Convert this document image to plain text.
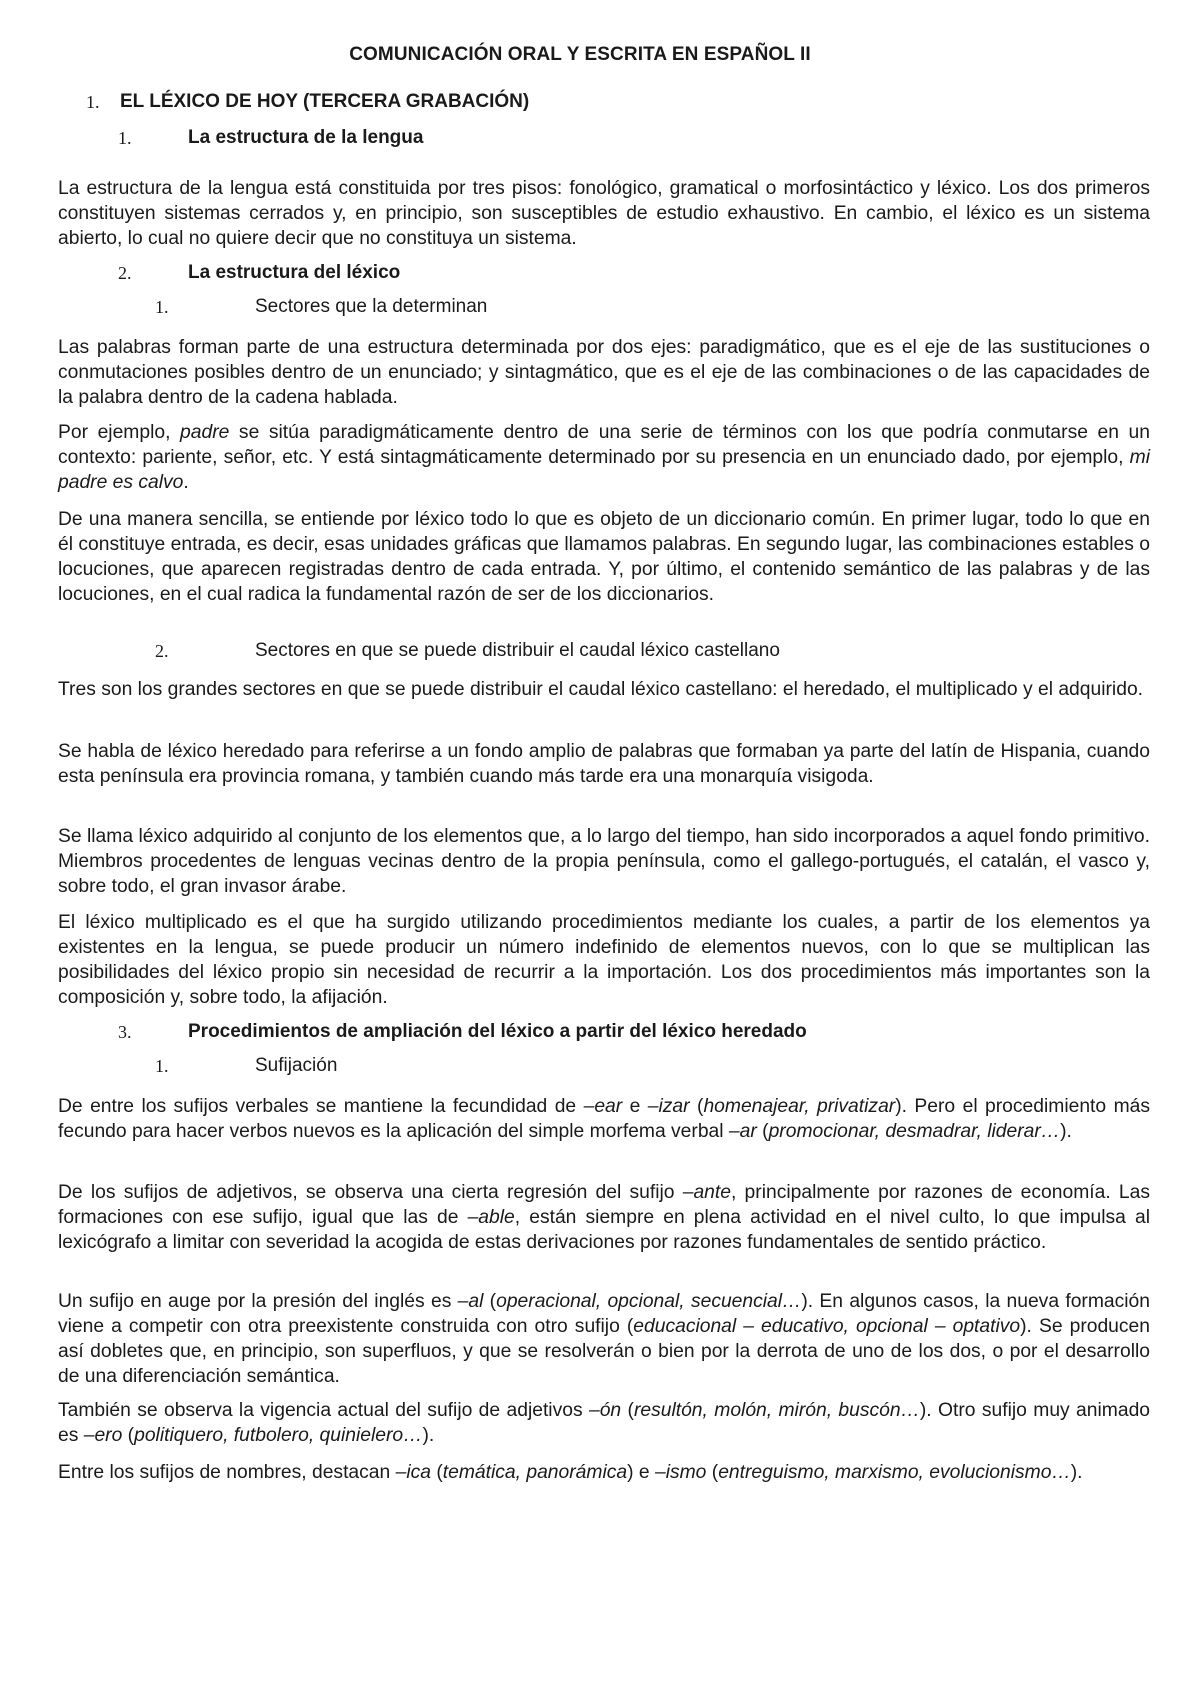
COMUNICACIÓN ORAL Y ESCRITA EN ESPAÑOL II
1. EL LÉXICO DE HOY (TERCERA GRABACIÓN)
1.	La estructura de la lengua
La estructura de la lengua está constituida por tres pisos: fonológico, gramatical o morfosintáctico y léxico. Los dos primeros constituyen sistemas cerrados y, en principio, son susceptibles de estudio exhaustivo. En cambio, el léxico es un sistema abierto, lo cual no quiere decir que no constituya un sistema.
2.	La estructura del léxico
1.	Sectores que la determinan
Las palabras forman parte de una estructura determinada por dos ejes: paradigmático, que es el eje de las sustituciones o conmutaciones posibles dentro de un enunciado; y sintagmático, que es el eje de las combinaciones o de las capacidades de la palabra dentro de la cadena hablada.
Por ejemplo, padre se sitúa paradigmáticamente dentro de una serie de términos con los que podría conmutarse en un contexto: pariente, señor, etc. Y está sintagmáticamente determinado por su presencia en un enunciado dado, por ejemplo, mi padre es calvo.
De una manera sencilla, se entiende por léxico todo lo que es objeto de un diccionario común. En primer lugar, todo lo que en él constituye entrada, es decir, esas unidades gráficas que llamamos palabras. En segundo lugar, las combinaciones estables o locuciones, que aparecen registradas dentro de cada entrada. Y, por último, el contenido semántico de las palabras y de las locuciones, en el cual radica la fundamental razón de ser de los diccionarios.
2.	Sectores en que se puede distribuir el caudal léxico castellano
Tres son los grandes sectores en que se puede distribuir el caudal léxico castellano: el heredado, el multiplicado y el adquirido.
Se habla de léxico heredado para referirse a un fondo amplio de palabras que formaban ya parte del latín de Hispania, cuando esta península era provincia romana, y también cuando más tarde era una monarquía visigoda.
Se llama léxico adquirido al conjunto de los elementos que, a lo largo del tiempo, han sido incorporados a aquel fondo primitivo. Miembros procedentes de lenguas vecinas dentro de la propia península, como el gallego-portugués, el catalán, el vasco y, sobre todo, el gran invasor árabe.
El léxico multiplicado es el que ha surgido utilizando procedimientos mediante los cuales, a partir de los elementos ya existentes en la lengua, se puede producir un número indefinido de elementos nuevos, con lo que se multiplican las posibilidades del léxico propio sin necesidad de recurrir a la importación. Los dos procedimientos más importantes son la composición y, sobre todo, la afijación.
3.	Procedimientos de ampliación del léxico a partir del léxico heredado
1.	Sufijación
De entre los sufijos verbales se mantiene la fecundidad de –ear e –izar (homenajear, privatizar). Pero el procedimiento más fecundo para hacer verbos nuevos es la aplicación del simple morfema verbal –ar (promocionar, desmadrar, liderar…).
De los sufijos de adjetivos, se observa una cierta regresión del sufijo –ante, principalmente por razones de economía. Las formaciones con ese sufijo, igual que las de –able, están siempre en plena actividad en el nivel culto, lo que impulsa al lexicógrafo a limitar con severidad la acogida de estas derivaciones por razones fundamentales de sentido práctico.
Un sufijo en auge por la presión del inglés es –al (operacional, opcional, secuencial…). En algunos casos, la nueva formación viene a competir con otra preexistente construida con otro sufijo (educacional – educativo, opcional – optativo). Se producen así dobletes que, en principio, son superfluos, y que se resolverán o bien por la derrota de uno de los dos, o por el desarrollo de una diferenciación semántica.
También se observa la vigencia actual del sufijo de adjetivos –ón (resultón, molón, mirón, buscón…). Otro sufijo muy animado es –ero (politiquero, futbolero, quinielero…).
Entre los sufijos de nombres, destacan –ica (temática, panorámica) e –ismo (entreguismo, marxismo, evolucionismo…).
